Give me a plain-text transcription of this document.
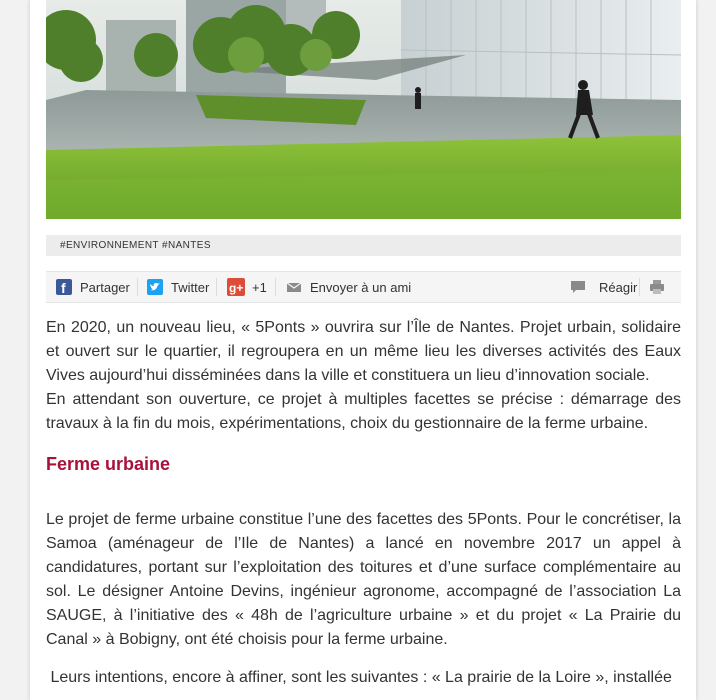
#ENVIRONNEMENT #NANTES
f Partager	Twitter g+ +1	Envoyer à un ami	Réagir

En 2020, un nouveau lieu, « 5Ponts » ouvrira sur l’Île de Nantes. Projet urbain, solidaire et ouvert sur le quartier, il regroupera en un même lieu les diverses activités des Eaux Vives aujourd’hui disséminées dans la ville et constituera un lieu d’innovation sociale.
En attendant son ouverture, ce projet à multiples facettes se précise : démarrage des travaux à la fin du mois, expérimentations, choix du gestionnaire de la ferme urbaine.

Ferme urbaine

Le projet de ferme urbaine constitue l’une des facettes des 5Ponts. Pour le concrétiser, la Samoa (aménageur de l’Ile de Nantes) a lancé en novembre 2017 un appel à candidatures, portant sur l’exploitation des toitures et d’une surface complémentaire au sol. Le désigner Antoine Devins, ingénieur agronome, accompagné de l’association La SAUGE, à l’initiative des « 48h de l’agriculture urbaine » et du projet « La Prairie du Canal » à Bobigny, ont été choisis pour la ferme urbaine.

Leurs intentions, encore à affiner, sont les suivantes : « La prairie de la Loire », installée
